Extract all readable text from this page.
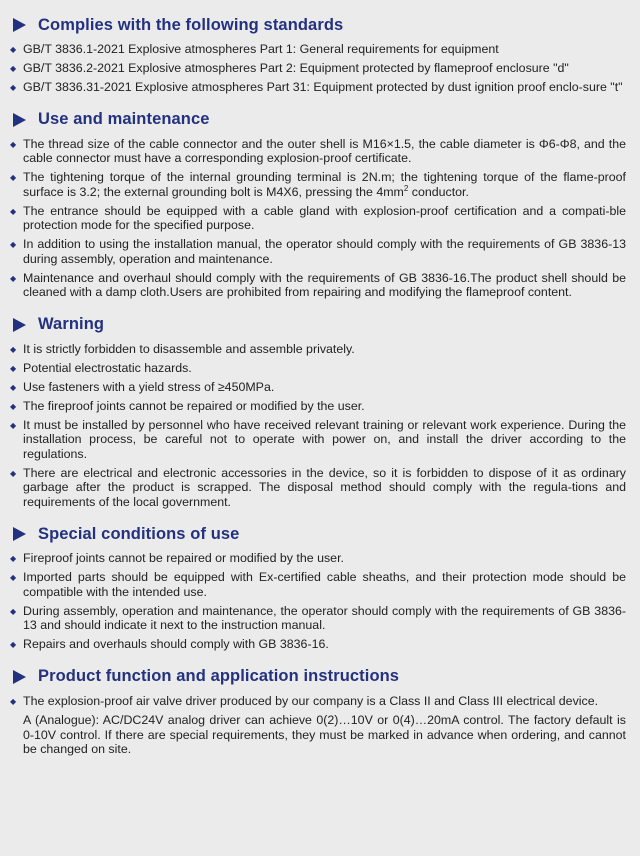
Complies with the following standards
◆ GB/T 3836.1-2021 Explosive atmospheres Part 1: General requirements for equipment
◆ GB/T 3836.2-2021 Explosive atmospheres Part 2: Equipment protected by flameproof enclosure "d"
◆ GB/T 3836.31-2021 Explosive atmospheres Part 31: Equipment protected by dust ignition proof enclo-sure "t"
Use and maintenance
◆ The thread size of the cable connector and the outer shell is M16×1.5, the cable diameter is Φ6-Φ8, and the cable connector must have a corresponding explosion-proof certificate.
◆ The tightening torque of the internal grounding terminal is 2N.m; the tightening torque of the flame-proof surface is 3.2; the external grounding bolt is M4X6, pressing the $4mm^2$ conductor.
◆ The entrance should be equipped with a cable gland with explosion-proof certification and a compati-ble protection mode for the specified purpose.
◆ In addition to using the installation manual, the operator should comply with the requirements of GB 3836-13 during assembly, operation and maintenance.
◆ Maintenance and overhaul should comply with the requirements of GB 3836-16.The product shell should be cleaned with a damp cloth.Users are prohibited from repairing and modifying the flameproof content.
Warning
◆ It is strictly forbidden to disassemble and assemble privately.
◆ Potential electrostatic hazards.
◆ Use fasteners with a yield stress of ≥450MPa.
◆ The fireproof joints cannot be repaired or modified by the user.
◆ It must be installed by personnel who have received relevant training or relevant work experience. During the installation process, be careful not to operate with power on, and install the driver according to the regulations.
◆ There are electrical and electronic accessories in the device, so it is forbidden to dispose of it as ordinary garbage after the product is scrapped. The disposal method should comply with the regula-tions and requirements of the local government.
Special conditions of use
◆ Fireproof joints cannot be repaired or modified by the user.
◆ Imported parts should be equipped with Ex-certified cable sheaths, and their protection mode should be compatible with the intended use.
◆ During assembly, operation and maintenance, the operator should comply with the requirements of GB 3836-13 and should indicate it next to the instruction manual.
◆ Repairs and overhauls should comply with GB 3836-16.
Product function and application instructions
◆ The explosion-proof air valve driver produced by our company is a Class II and Class III electrical device.
A (Analogue): AC/DC24V analog driver can achieve 0(2)…10V or 0(4)…20mA control. The factory default is 0-10V control. If there are special requirements, they must be marked in advance when ordering, and cannot be changed on site.
